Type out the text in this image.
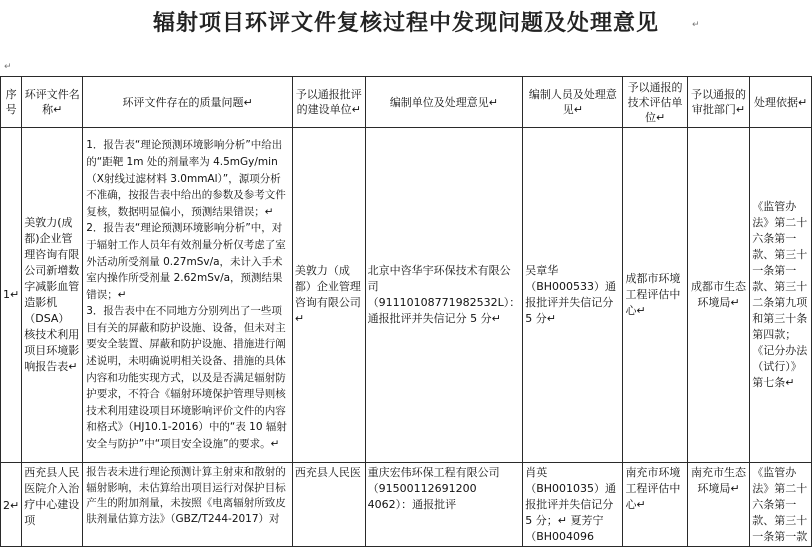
辐射项目环评文件复核过程中发现问题及处理意见	↵
↵
序号	环评文件名称↵	环评文件存在的质量问题↵	予以通报批评的建设单位↵	编制单位及处理意见↵	编制人员及处理意见↵	予以通报的技术评估单位↵	予以通报的审批部门↵	处理依据↵
1↵	美敦力(成都)企业管理咨询有限公司新增数字减影血管造影机（DSA）核技术利用项目环境影响报告表↵	1．报告表“理论预测环境影响分析”中给出的“距靶 1m 处的剂量率为 4.5mGy/min（X射线过滤材料 3.0mmAl）”，源项分析不准确，按报告表中给出的参数及参考文件复核，数据明显偏小，预测结果错误；↵
2．报告表“理论预测环境影响分析”中，对于辐射工作人员年有效剂量分析仅考虑了室外活动所受剂量 0.27mSv/a，未计入手术室内操作所受剂量 2.62mSv/a，预测结果错误；↵
3．报告表中在不同地方分别列出了一些项目有关的屏蔽和防护设施、设备，但未对主要安全装置、屏蔽和防护设施、措施进行阐述说明，未明确说明相关设备、措施的具体内容和功能实现方式，以及是否满足辐射防护要求，不符合《辐射环境保护管理导则核技术利用建设项目环境影响评价文件的内容和格式》（HJ10.1-2016）中的“表 10 辐射安全与防护”中“项目安全设施”的要求。↵	美敦力（成都）企业管理咨询有限公司↵	北京中咨华宇环保技术有限公司（91110108771982532L）：通报批评并失信记分 5 分↵	吴章华（BH000533）通报批评并失信记分 5 分↵	成都市环境工程评估中心↵	成都市生态环境局↵	《监管办法》第二十六条第一款、第三十一条第一款、第三十二条第九项和第三十条第四款；《记分办法（试行）》第七条↵
2↵	西充县人民医院介入治疗中心建设项	报告表未进行理论预测计算主射束和散射的辐射影响，未估算给出项目运行对保护目标产生的附加剂量，未按照《电离辐射所致皮肤剂量估算方法》（GBZ/T244-2017）对	西充县人民医	重庆宏伟环保工程有限公司（91500112691200 4062）：通报批评	肖英（BH001035）通报批评并失信记分 5 分；↵ 夏芳宁（BH004096	南充市环境工程评估中心↵	南充市生态环境局↵	《监管办法》第二十六条第一款、第三十一条第一款
